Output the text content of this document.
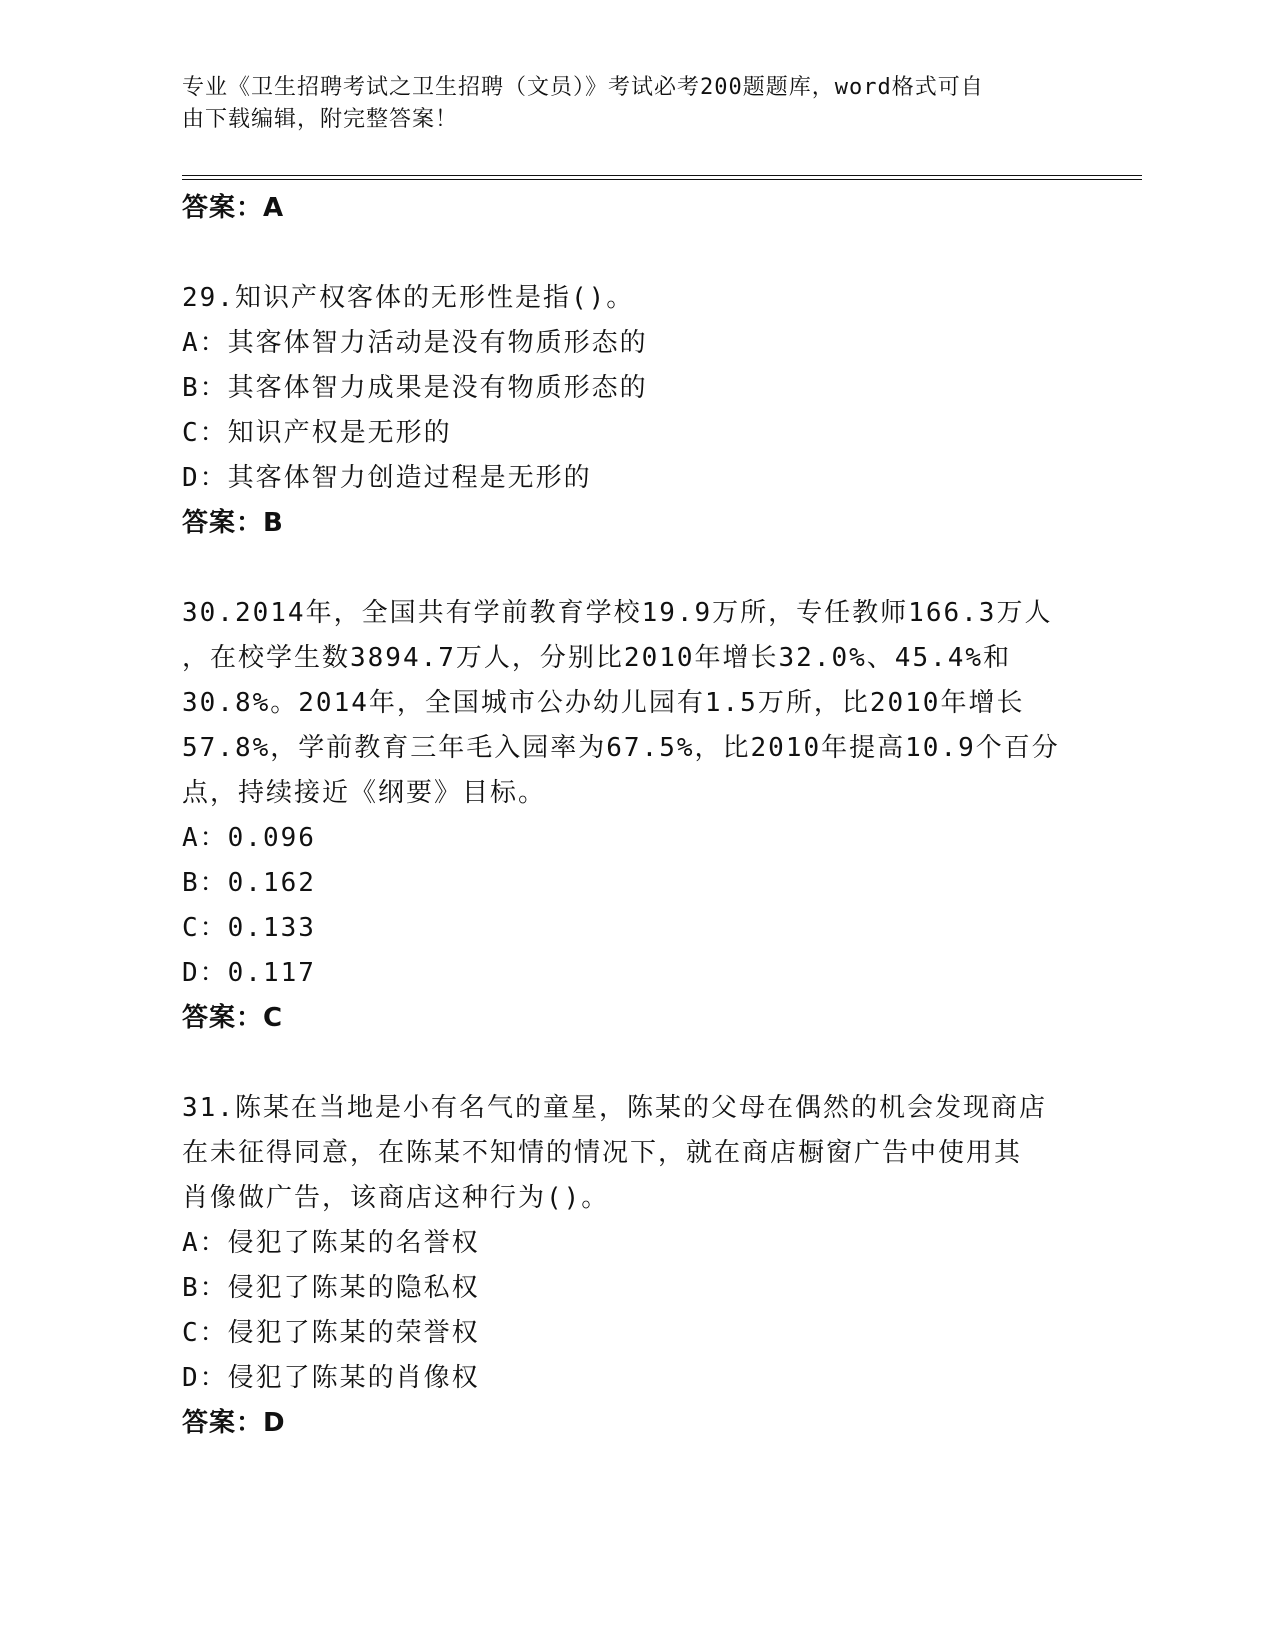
专业《卫生招聘考试之卫生招聘（文员）》考试必考200题题库，word格式可自
由下载编辑，附完整答案！
答案：A
29.知识产权客体的无形性是指()。
A：其客体智力活动是没有物质形态的
B：其客体智力成果是没有物质形态的
C：知识产权是无形的
D：其客体智力创造过程是无形的
答案：B
30.2014年，全国共有学前教育学校19.9万所，专任教师166.3万人
，在校学生数3894.7万人，分别比2010年增长32.0%、45.4%和
30.8%。2014年，全国城市公办幼儿园有1.5万所，比2010年增长
57.8%，学前教育三年毛入园率为67.5%，比2010年提高10.9个百分
点，持续接近《纲要》目标。
A：0.096
B：0.162
C：0.133
D：0.117
答案：C
31.陈某在当地是小有名气的童星，陈某的父母在偶然的机会发现商店
在未征得同意，在陈某不知情的情况下，就在商店橱窗广告中使用其
肖像做广告，该商店这种行为()。
A：侵犯了陈某的名誉权
B：侵犯了陈某的隐私权
C：侵犯了陈某的荣誉权
D：侵犯了陈某的肖像权
答案：D
